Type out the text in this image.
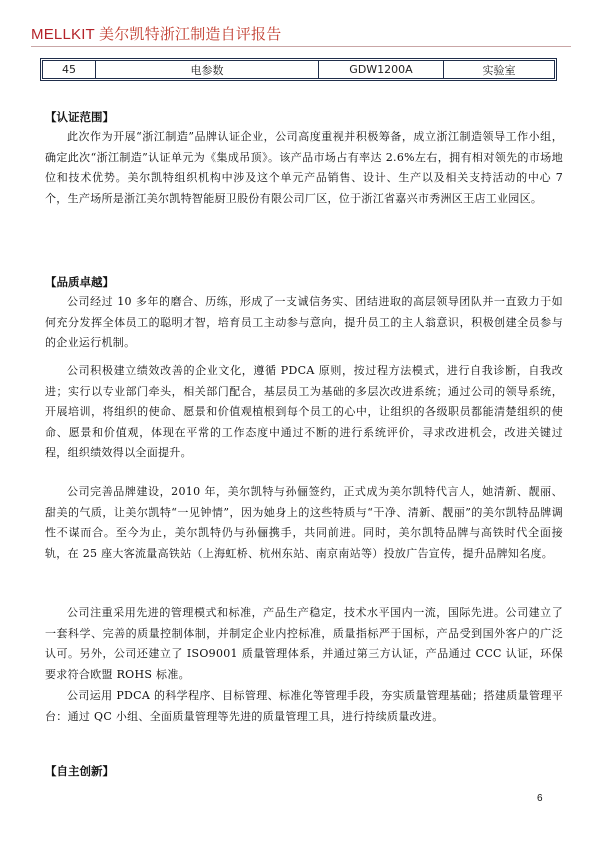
MELLKIT 美尔凯特浙江制造自评报告
45	电参数	GDW1200A	实验室
【认证范围】

此次作为开展“浙江制造”品牌认证企业，公司高度重视并积极筹备，成立浙江制造领导工作小组，确定此次“浙江制造”认证单元为《集成吊顶》。该产品市场占有率达 2.6%左右，拥有相对领先的市场地位和技术优势。美尔凯特组织机构中涉及这个单元产品销售、设计、生产以及相关支持活动的中心 7 个，生产场所是浙江美尔凯特智能厨卫股份有限公司厂区，位于浙江省嘉兴市秀洲区王店工业园区。

【品质卓越】

公司经过 10 多年的磨合、历练，形成了一支诚信务实、团结进取的高层领导团队并一直致力于如何充分发挥全体员工的聪明才智，培育员工主动参与意向，提升员工的主人翁意识，积极创建全员参与的企业运行机制。

公司积极建立绩效改善的企业文化，遵循 PDCA 原则，按过程方法模式，进行自我诊断，自我改进；实行以专业部门牵头，相关部门配合，基层员工为基础的多层次改进系统；通过公司的领导系统，开展培训，将组织的使命、愿景和价值观植根到每个员工的心中，让组织的各级职员都能清楚组织的使命、愿景和价值观，体现在平常的工作态度中通过不断的进行系统评价，寻求改进机会，改进关键过程，组织绩效得以全面提升。

公司完善品牌建设，2010 年，美尔凯特与孙俪签约，正式成为美尔凯特代言人，她清新、靓丽、甜美的气质，让美尔凯特“一见钟情”，因为她身上的这些特质与“干净、清新、靓丽”的美尔凯特品牌调性不谋而合。至今为止，美尔凯特仍与孙俪携手，共同前进。同时，美尔凯特品牌与高铁时代全面接轨，在 25 座大客流量高铁站（上海虹桥、杭州东站、南京南站等）投放广告宣传，提升品牌知名度。

公司注重采用先进的管理模式和标准，产品生产稳定，技术水平国内一流，国际先进。公司建立了一套科学、完善的质量控制体制，并制定企业内控标准，质量指标严于国标，产品受到国外客户的广泛认可。另外，公司还建立了 ISO9001 质量管理体系，并通过第三方认证，产品通过 CCC 认证，环保要求符合欧盟 ROHS 标准。

公司运用 PDCA 的科学程序、目标管理、标准化等管理手段，夯实质量管理基础；搭建质量管理平台：通过 QC 小组、全面质量管理等先进的质量管理工具，进行持续质量改进。

【自主创新】
6
